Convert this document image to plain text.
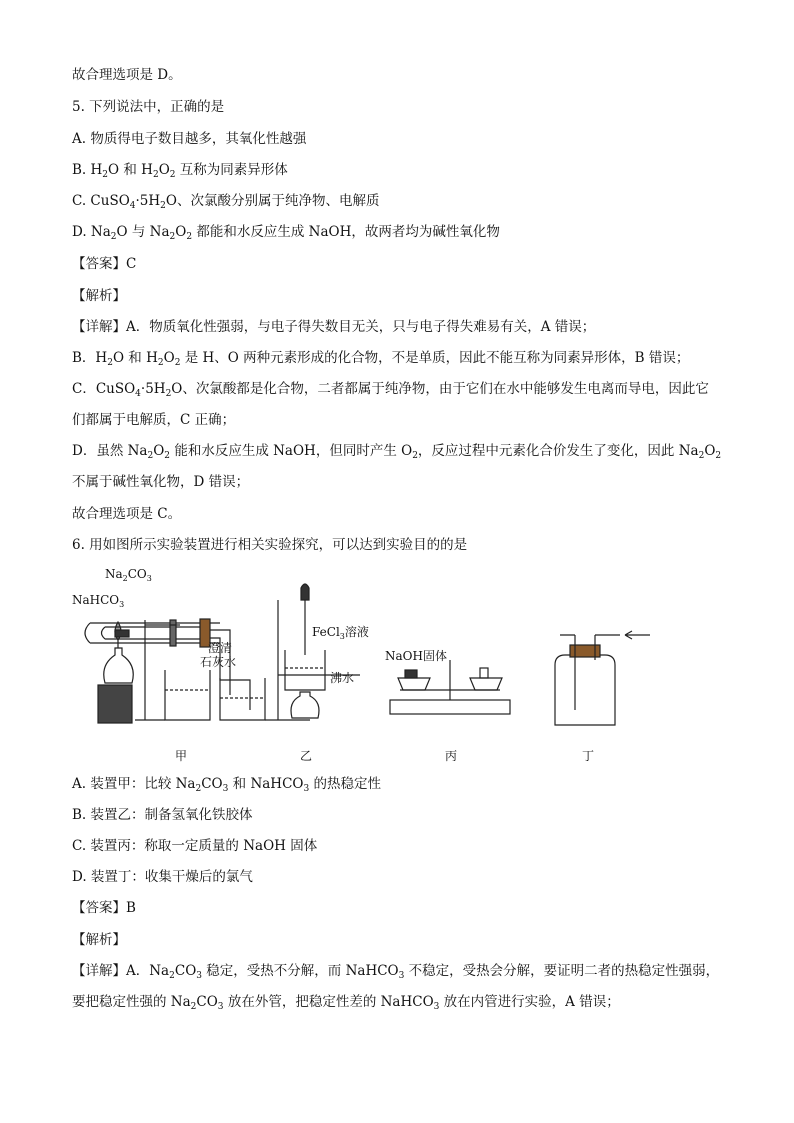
故合理选项是 D。
5. 下列说法中，正确的是
A. 物质得电子数目越多，其氧化性越强
B. $H_2O$ 和 $H_2O_2$ 互称为同素异形体
C. $CuSO_4\cdot 5H_2O$、次氯酸分别属于纯净物、电解质
D. $Na_2O$ 与 $Na_2O_2$ 都能和水反应生成 NaOH，故两者均为碱性氧化物
【答案】C
【解析】
【详解】A．物质氧化性强弱，与电子得失数目无关，只与电子得失难易有关，A 错误；
B．$H_2O$ 和 $H_2O_2$ 是 H、O 两种元素形成的化合物，不是单质，因此不能互称为同素异形体，B 错误；
C．$CuSO_4\cdot 5H_2O$、次氯酸都是化合物，二者都属于纯净物，由于它们在水中能够发生电离而导电，因此它
们都属于电解质，C 正确；
D．虽然 $Na_2O_2$ 能和水反应生成 NaOH，但同时产生 $O_2$，反应过程中元素化合价发生了变化，因此 $Na_2O_2$
不属于碱性氧化物，D 错误；
故合理选项是 C。
6. 用如图所示实验装置进行相关实验探究，可以达到实验目的的是
$Na_2CO_3$
NaHCO$_3$
澄清
石灰水
FeCl$_3$溶液
沸水
NaOH固体
甲	乙	丙	丁
A. 装置甲：比较 $Na_2CO_3$ 和 NaHCO$_3$ 的热稳定性
B. 装置乙：制备氢氧化铁胶体
C. 装置丙：称取一定质量的 NaOH 固体
D. 装置丁：收集干燥后的氯气
【答案】B
【解析】
【详解】A．$Na_2CO_3$ 稳定，受热不分解，而 NaHCO$_3$ 不稳定，受热会分解，要证明二者的热稳定性强弱，
要把稳定性强的 $Na_2CO_3$ 放在外管，把稳定性差的 NaHCO$_3$ 放在内管进行实验，A 错误；
